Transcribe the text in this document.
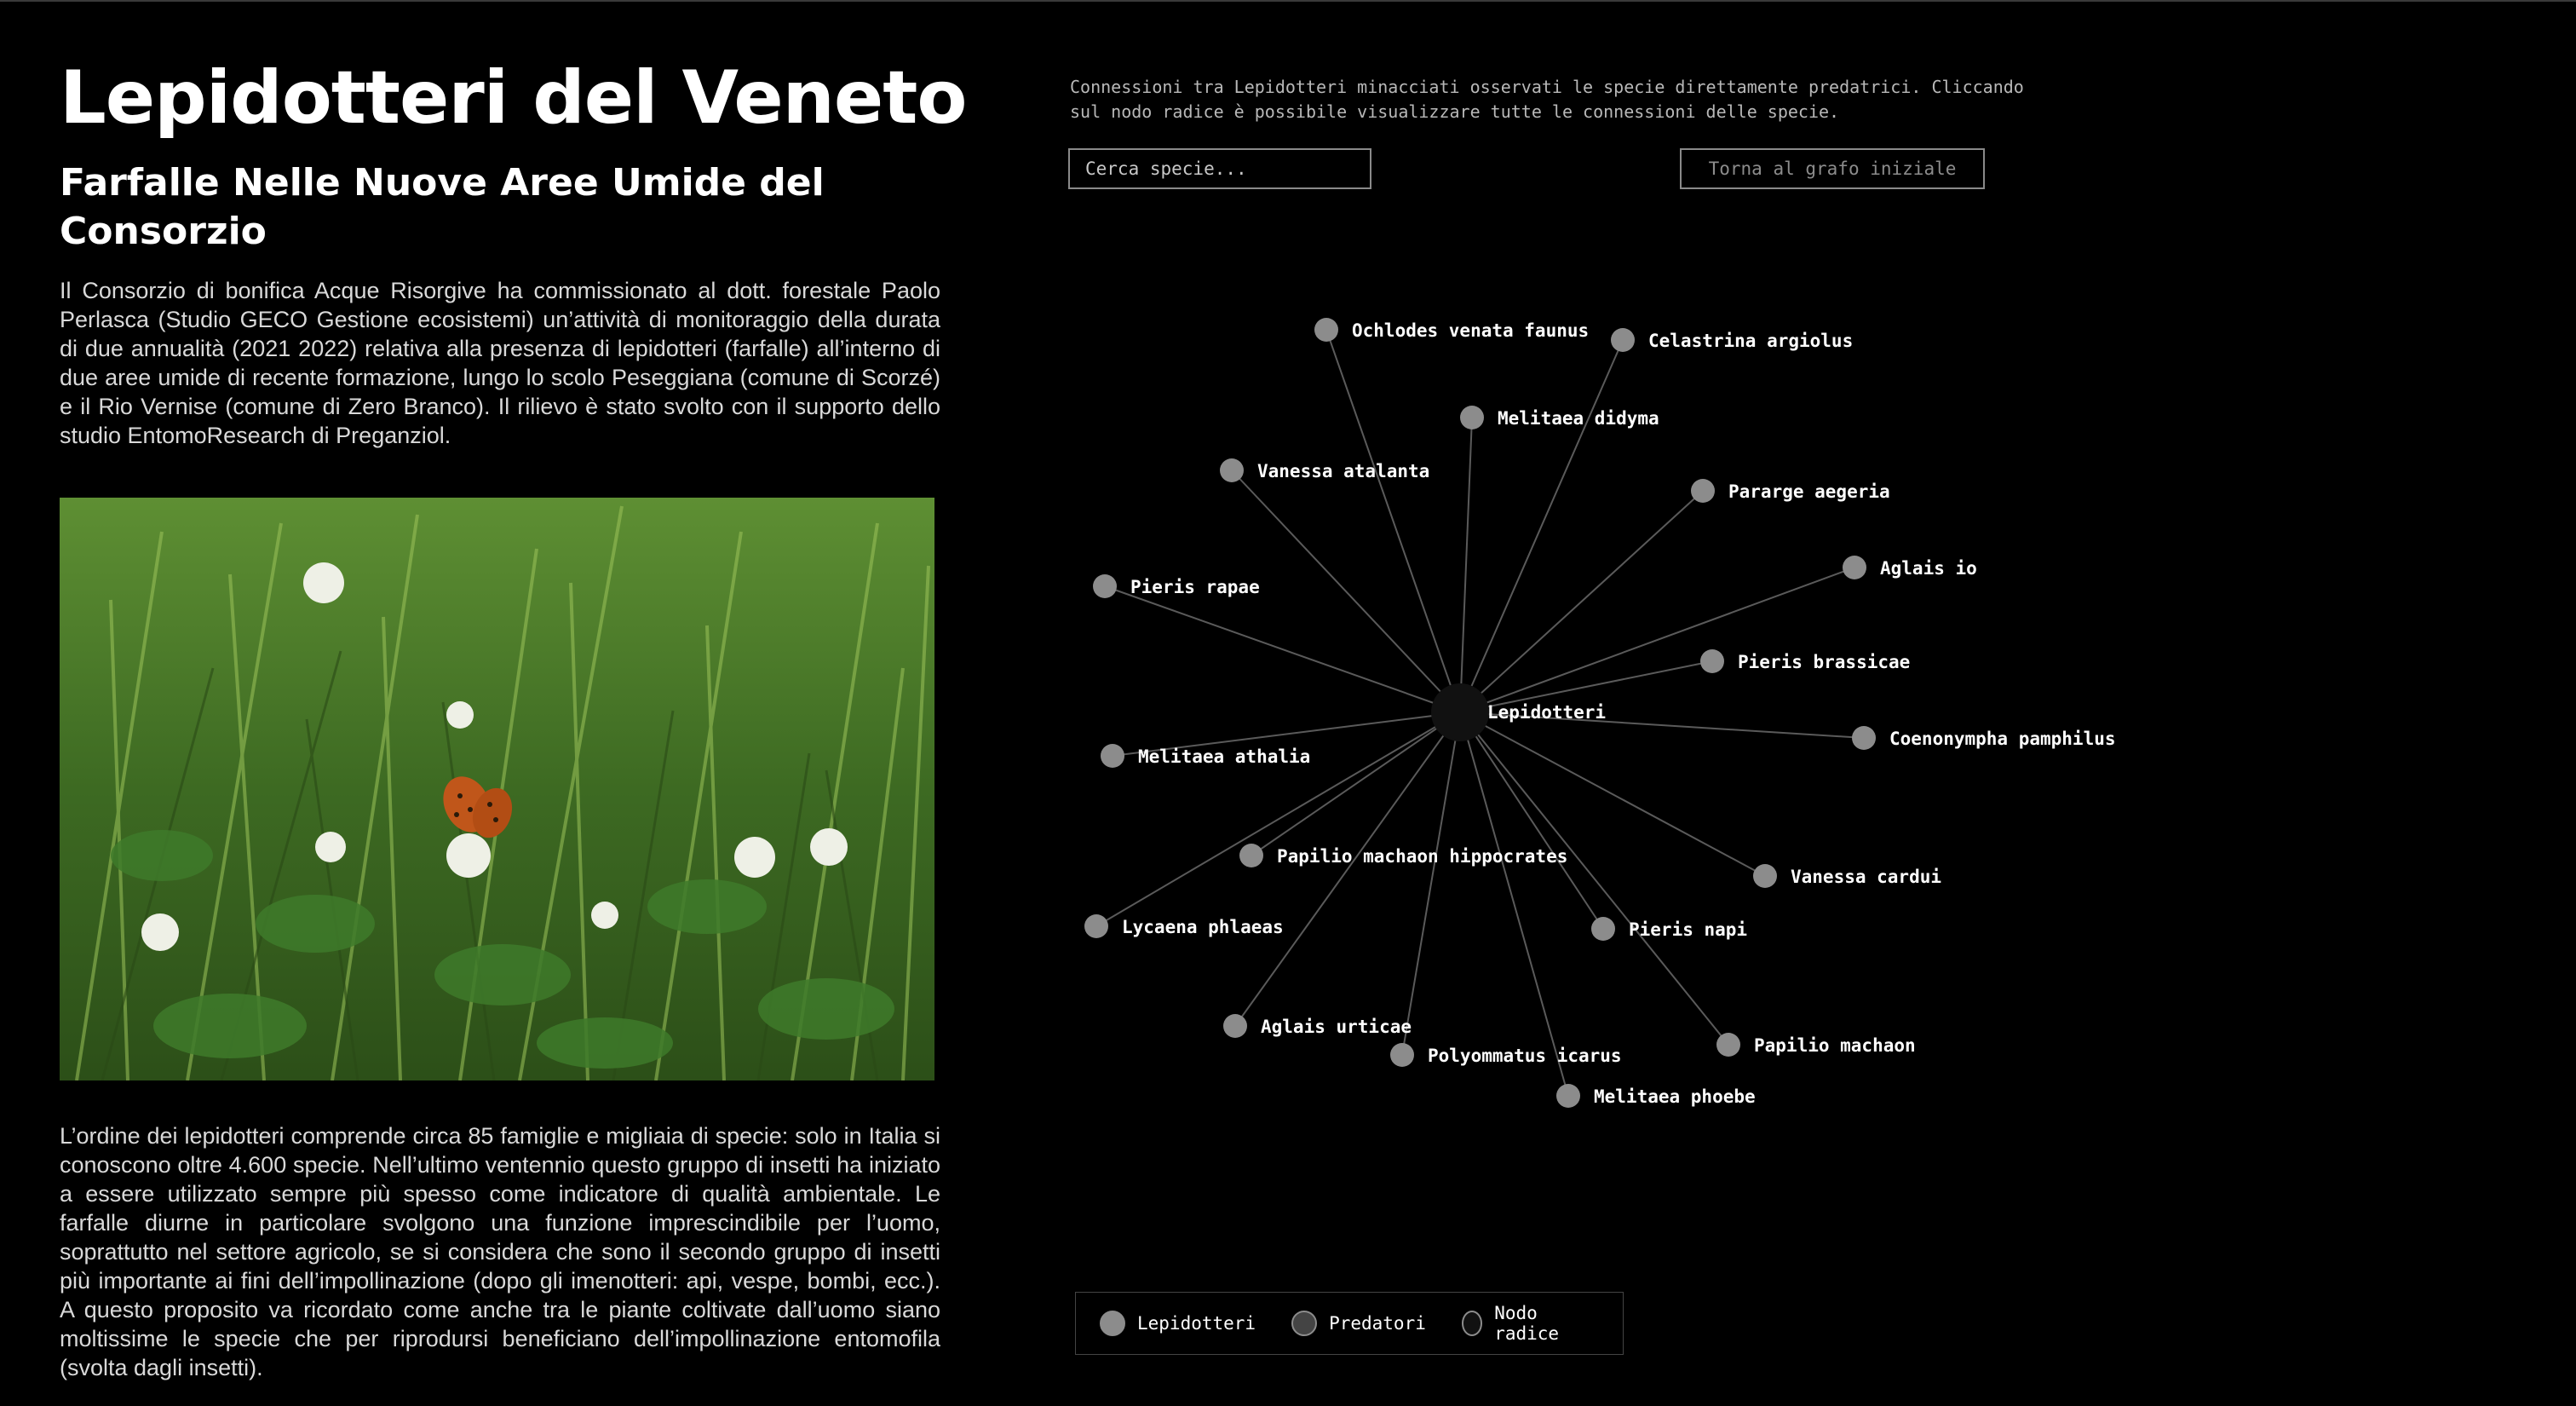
Lepidotteri del Veneto
Farfalle Nelle Nuove Aree Umide del Consorzio

Il Consorzio di bonifica Acque Risorgive ha commissionato al dott. forestale Paolo Perlasca (Studio GECO Gestione ecosistemi) un’attività di monitoraggio della durata di due annualità (2021 2022) relativa alla presenza di lepidotteri (farfalle) all’interno di due aree umide di recente formazione, lungo lo scolo Peseggiana (comune di Scorzé) e il Rio Vernise (comune di Zero Branco). Il rilievo è stato svolto con il supporto dello studio EntomoResearch di Preganziol.

L’ordine dei lepidotteri comprende circa 85 famiglie e migliaia di specie: solo in Italia si conoscono oltre 4.600 specie. Nell’ultimo ventennio questo gruppo di insetti ha iniziato a essere utilizzato sempre più spesso come indicatore di qualità ambientale. Le farfalle diurne in particolare svolgono una funzione imprescindibile per l’uomo, soprattutto nel settore agricolo, se si considera che sono il secondo gruppo di insetti più importante ai fini dell’impollinazione (dopo gli imenotteri: api, vespe, bombi, ecc.). A questo proposito va ricordato come anche tra le piante coltivate dall’uomo siano moltissime le specie che per riprodursi beneficiano dell’impollinazione entomofila (svolta dagli insetti).

Connessioni tra Lepidotteri minacciati osservati le specie direttamente predatrici. Cliccando sul nodo radice è possibile visualizzare tutte le connessioni delle specie.
Cerca specie...
Torna al grafo iniziale
Ochlodes venata faunus	Celastrina argiolus
Melitaea didyma
Vanessa atalanta
Pararge aegeria
Aglais io
Pieris rapae
Pieris brassicae
Coenonympha pamphilus
Melitaea athalia
Papilio machaon hippocrates
Vanessa cardui
Lycaena phlaeas	Pieris napi
Aglais urticae
Papilio machaon
Polyommatus icarus
Melitaea phoebe
Lepidotteri
Lepidotteri	Predatori	Nodo radice
